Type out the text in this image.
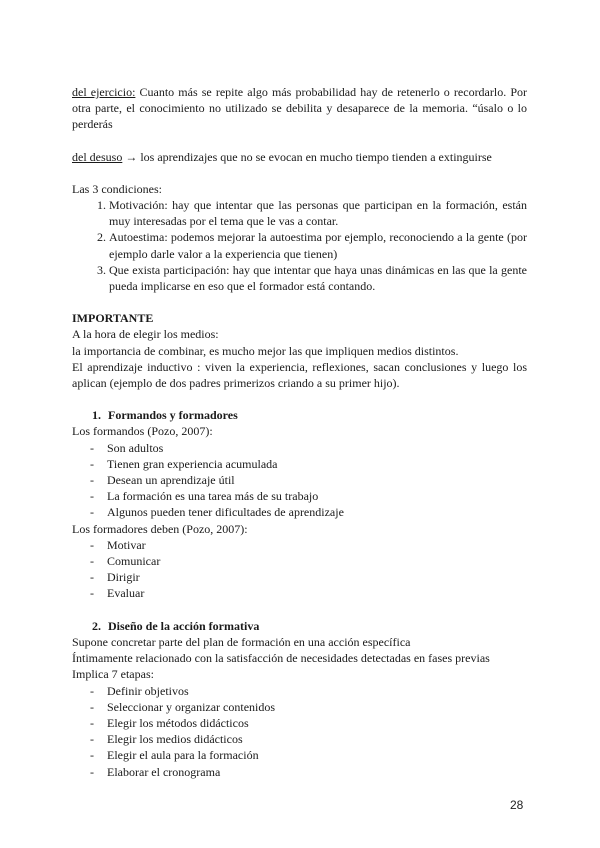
del ejercicio: Cuanto más se repite algo más probabilidad hay de retenerlo o recordarlo. Por otra parte, el conocimiento no utilizado se debilita y desaparece de la memoria. “úsalo o lo perderás

del desuso → los aprendizajes que no se evocan en mucho tiempo tienden a extinguirse

Las 3 condiciones:

1. Motivación: hay que intentar que las personas que participan en la formación, están muy interesadas por el tema que le vas a contar.
2. Autoestima: podemos mejorar la autoestima por ejemplo, reconociendo a la gente (por ejemplo darle valor a la experiencia que tienen)
3. Que exista participación: hay que intentar que haya unas dinámicas en las que la gente pueda implicarse en eso que el formador está contando.

IMPORTANTE

A la hora de elegir los medios:

la importancia de combinar, es mucho mejor las que impliquen medios distintos.

El aprendizaje inductivo : viven la experiencia, reflexiones, sacan conclusiones y luego los aplican (ejemplo de dos padres primerizos criando a su primer hijo).

1. Formandos y formadores

Los formandos (Pozo, 2007):

- Son adultos
- Tienen gran experiencia acumulada
- Desean un aprendizaje útil
- La formación es una tarea más de su trabajo
- Algunos pueden tener dificultades de aprendizaje

Los formadores deben (Pozo, 2007):

- Motivar
- Comunicar
- Dirigir
- Evaluar

2. Diseño de la acción formativa

Supone concretar parte del plan de formación en una acción específica

Íntimamente relacionado con la satisfacción de necesidades detectadas en fases previas

Implica 7 etapas:

- Definir objetivos
- Seleccionar y organizar contenidos
- Elegir los métodos didácticos
- Elegir los medios didácticos
- Elegir el aula para la formación
- Elaborar el cronograma
28
